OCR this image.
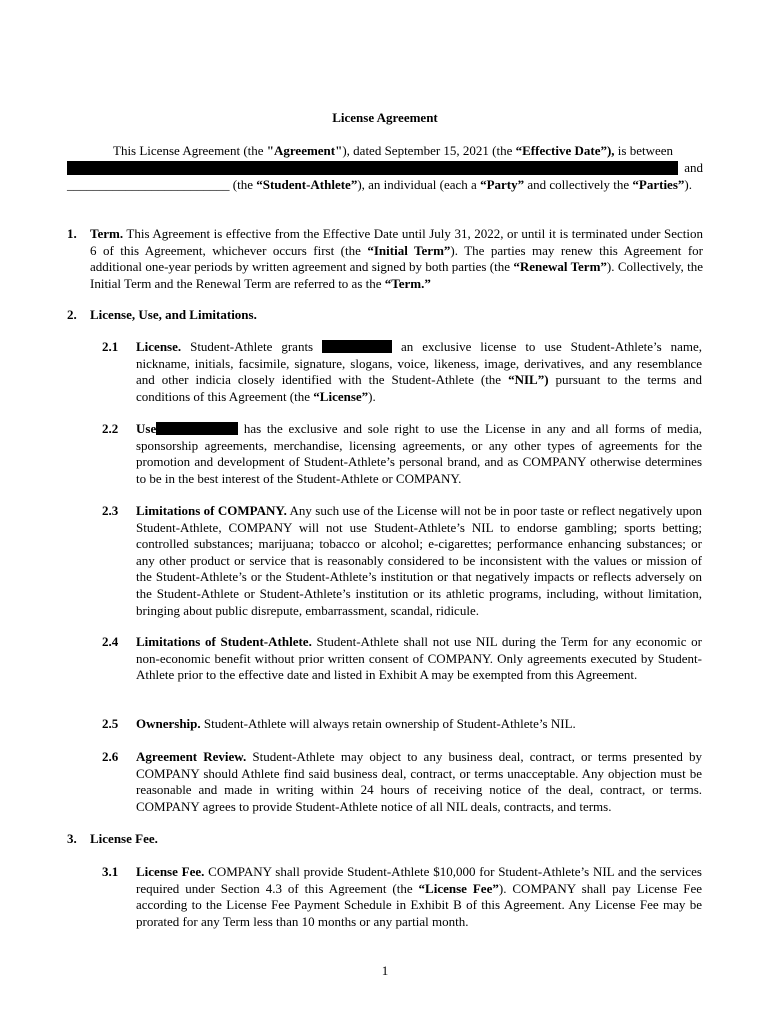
License Agreement
This License Agreement (the "Agreement"), dated September 15, 2021 (the “Effective Date”), is between
and
_________________________ (the “Student-Athlete”), an individual (each a “Party” and collectively the “Parties”).
1. Term. This Agreement is effective from the Effective Date until July 31, 2022, or until it is terminated under Section 6 of this Agreement, whichever occurs first (the “Initial Term”). The parties may renew this Agreement for additional one-year periods by written agreement and signed by both parties (the “Renewal Term”). Collectively, the Initial Term and the Renewal Term are referred to as the “Term.”
2. License, Use, and Limitations.
2.1 License. Student-Athlete grants	an exclusive license to use Student-Athlete’s name, nickname, initials, facsimile, signature, slogans, voice, likeness, image, derivatives, and any resemblance and other indicia closely identified with the Student-Athlete (the “NIL”) pursuant to the terms and conditions of this Agreement (the “License”).
2.2 Use	has the exclusive and sole right to use the License in any and all forms of media, sponsorship agreements, merchandise, licensing agreements, or any other types of agreements for the promotion and development of Student-Athlete’s personal brand, and as COMPANY otherwise determines to be in the best interest of the Student-Athlete or COMPANY.
2.3 Limitations of COMPANY. Any such use of the License will not be in poor taste or reflect negatively upon Student-Athlete, COMPANY will not use Student-Athlete’s NIL to endorse gambling; sports betting; controlled substances; marijuana; tobacco or alcohol; e-cigarettes; performance enhancing substances; or any other product or service that is reasonably considered to be inconsistent with the values or mission of the Student-Athlete’s or the Student-Athlete’s institution or that negatively impacts or reflects adversely on the Student-Athlete or Student-Athlete’s institution or its athletic programs, including, without limitation, bringing about public disrepute, embarrassment, scandal, ridicule.
2.4 Limitations of Student-Athlete. Student-Athlete shall not use NIL during the Term for any economic or non-economic benefit without prior written consent of COMPANY. Only agreements executed by Student-Athlete prior to the effective date and listed in Exhibit A may be exempted from this Agreement.
2.5 Ownership. Student-Athlete will always retain ownership of Student-Athlete’s NIL.
2.6 Agreement Review. Student-Athlete may object to any business deal, contract, or terms presented by COMPANY should Athlete find said business deal, contract, or terms unacceptable. Any objection must be reasonable and made in writing within 24 hours of receiving notice of the deal, contract, or terms. COMPANY agrees to provide Student-Athlete notice of all NIL deals, contracts, and terms.
3. License Fee.
3.1 License Fee. COMPANY shall provide Student-Athlete $10,000 for Student-Athlete’s NIL and the services required under Section 4.3 of this Agreement (the “License Fee”). COMPANY shall pay License Fee according to the License Fee Payment Schedule in Exhibit B of this Agreement. Any License Fee may be prorated for any Term less than 10 months or any partial month.
1
